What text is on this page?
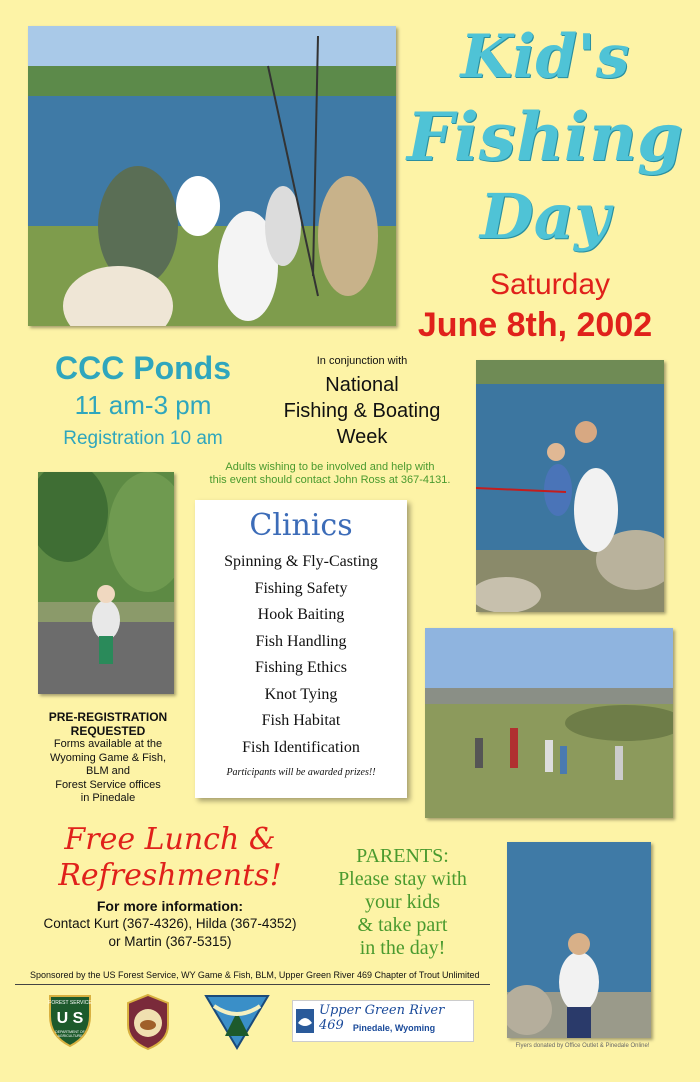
Kid's
Fishing
Day
Saturday
June 8th, 2002
CCC Ponds
11 am-3 pm
Registration 10 am
In conjunction with
National
Fishing & Boating
Week
Adults wishing to be involved and help with
this event should contact John Ross at 367-4131.
Clinics
Spinning & Fly-Casting
Fishing Safety
Hook Baiting
Fish Handling
Fishing Ethics
Knot Tying
Fish Habitat
Fish Identification
Participants will be awarded prizes!!
PRE-REGISTRATION
REQUESTED
Forms available at the
Wyoming Game & Fish,
BLM and
Forest Service offices
in Pinedale
Free Lunch &
Refreshments!
For more information:
Contact Kurt (367-4326), Hilda (367-4352)
or Martin (367-5315)
PARENTS:
Please stay with
your kids
& take part
in the day!
Flyers donated by Office Outlet & Pinedale Online!
Sponsored by the US Forest Service, WY Game & Fish, BLM, Upper Green River 469 Chapter of Trout Unlimited
FOREST SERVICE
U S
DEPARTMENT OF AGRICULTURE
Upper Green River 469 Pinedale, Wyoming
